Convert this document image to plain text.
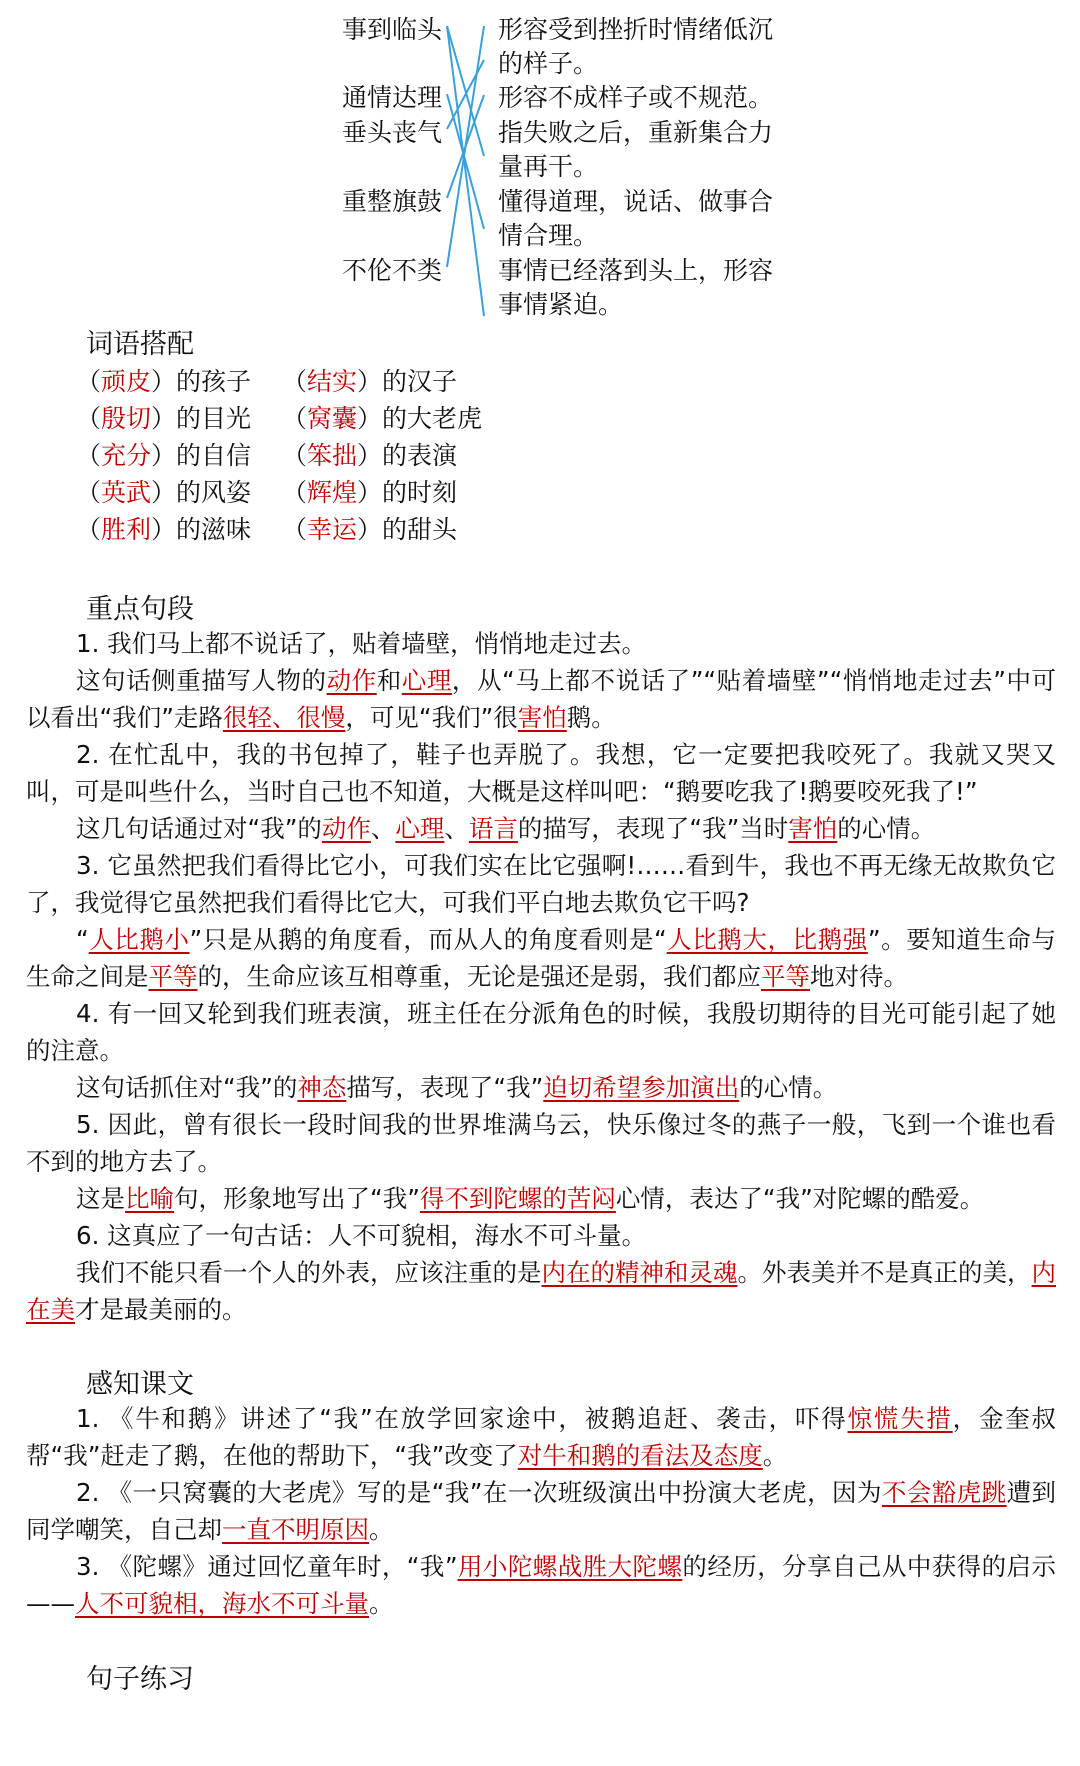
事到临头
通情达理
垂头丧气
重整旗鼓
不伦不类
形容受到挫折时情绪低沉
的样子。
形容不成样子或不规范。
指失败之后，重新集合力
量再干。
懂得道理，说话、做事合
情合理。
事情已经落到头上，形容
事情紧迫。
词语搭配
（顽皮）的孩子
（殷切）的目光
（充分）的自信
（英武）的风姿
（胜利）的滋味
（结实）的汉子
（窝囊）的大老虎
（笨拙）的表演
（辉煌）的时刻
（幸运）的甜头
重点句段
1. 我们马上都不说话了，贴着墙壁，悄悄地走过去。
这句话侧重描写人物的动作和心理，从“马上都不说话了”“贴着墙壁”“悄悄地走过去”中可以看出“我们”走路很轻、很慢，可见“我们”很害怕鹅。
2. 在忙乱中，我的书包掉了，鞋子也弄脱了。我想，它一定要把我咬死了。我就又哭又叫，可是叫些什么，当时自己也不知道，大概是这样叫吧：“鹅要吃我了!鹅要咬死我了!”
这几句话通过对“我”的动作、心理、语言的描写，表现了“我”当时害怕的心情。
3. 它虽然把我们看得比它小，可我们实在比它强啊!……看到牛，我也不再无缘无故欺负它了，我觉得它虽然把我们看得比它大，可我们平白地去欺负它干吗?
“人比鹅小”只是从鹅的角度看，而从人的角度看则是“人比鹅大，比鹅强”。要知道生命与生命之间是平等的，生命应该互相尊重，无论是强还是弱，我们都应平等地对待。
4. 有一回又轮到我们班表演，班主任在分派角色的时候，我殷切期待的目光可能引起了她的注意。
这句话抓住对“我”的神态描写，表现了“我”迫切希望参加演出的心情。
5. 因此，曾有很长一段时间我的世界堆满乌云，快乐像过冬的燕子一般，飞到一个谁也看不到的地方去了。
这是比喻句，形象地写出了“我”得不到陀螺的苦闷心情，表达了“我”对陀螺的酷爱。
6. 这真应了一句古话：人不可貌相，海水不可斗量。
我们不能只看一个人的外表，应该注重的是内在的精神和灵魂。外表美并不是真正的美，内在美才是最美丽的。
感知课文
1. 《牛和鹅》讲述了“我”在放学回家途中，被鹅追赶、袭击，吓得惊慌失措，金奎叔帮“我”赶走了鹅，在他的帮助下，“我”改变了对牛和鹅的看法及态度。
2. 《一只窝囊的大老虎》写的是“我”在一次班级演出中扮演大老虎，因为不会豁虎跳遭到同学嘲笑，自己却一直不明原因。
3. 《陀螺》通过回忆童年时，“我”用小陀螺战胜大陀螺的经历，分享自己从中获得的启示——人不可貌相，海水不可斗量。
句子练习
